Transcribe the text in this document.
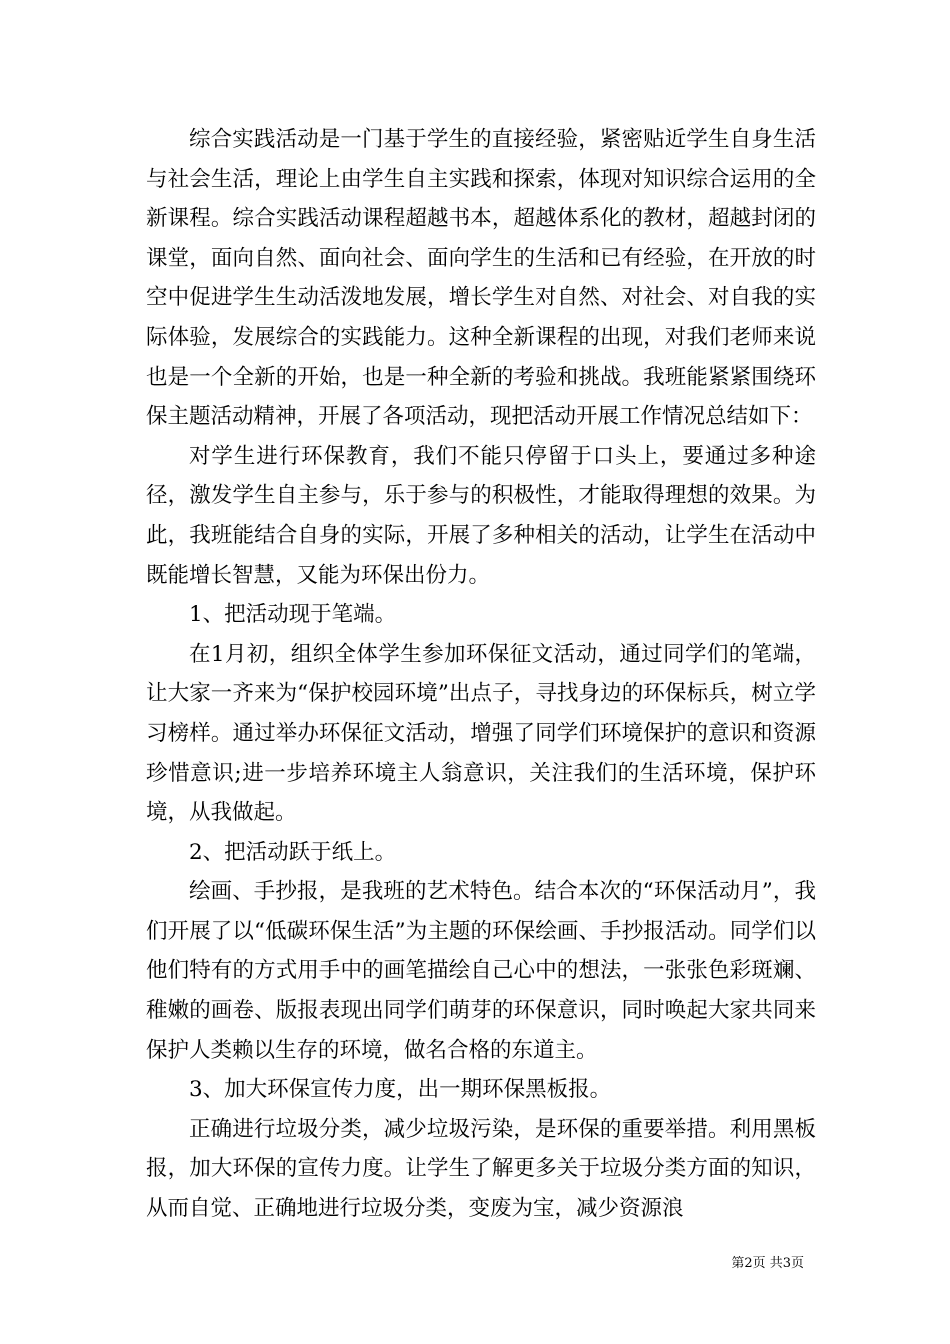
综合实践活动是一门基于学生的直接经验，紧密贴近学生自身生活与社会生活，理论上由学生自主实践和探索，体现对知识综合运用的全新课程。综合实践活动课程超越书本，超越体系化的教材，超越封闭的课堂，面向自然、面向社会、面向学生的生活和已有经验，在开放的时空中促进学生生动活泼地发展，增长学生对自然、对社会、对自我的实际体验，发展综合的实践能力。这种全新课程的出现，对我们老师来说也是一个全新的开始，也是一种全新的考验和挑战。我班能紧紧围绕环保主题活动精神，开展了各项活动，现把活动开展工作情况总结如下：

对学生进行环保教育，我们不能只停留于口头上，要通过多种途径，激发学生自主参与，乐于参与的积极性，才能取得理想的效果。为此，我班能结合自身的实际，开展了多种相关的活动，让学生在活动中既能增长智慧，又能为环保出份力。

1、把活动现于笔端。

在1月初，组织全体学生参加环保征文活动，通过同学们的笔端，让大家一齐来为“保护校园环境”出点子，寻找身边的环保标兵，树立学习榜样。通过举办环保征文活动，增强了同学们环境保护的意识和资源珍惜意识;进一步培养环境主人翁意识，关注我们的生活环境，保护环境，从我做起。

2、把活动跃于纸上。

绘画、手抄报，是我班的艺术特色。结合本次的“环保活动月”，我们开展了以“低碳环保生活”为主题的环保绘画、手抄报活动。同学们以他们特有的方式用手中的画笔描绘自己心中的想法，一张张色彩斑斓、稚嫩的画卷、版报表现出同学们萌芽的环保意识，同时唤起大家共同来保护人类赖以生存的环境，做名合格的东道主。

3、加大环保宣传力度，出一期环保黑板报。

正确进行垃圾分类，减少垃圾污染，是环保的重要举措。利用黑板报，加大环保的宣传力度。让学生了解更多关于垃圾分类方面的知识，从而自觉、正确地进行垃圾分类，变废为宝，减少资源浪

第2页 共3页
